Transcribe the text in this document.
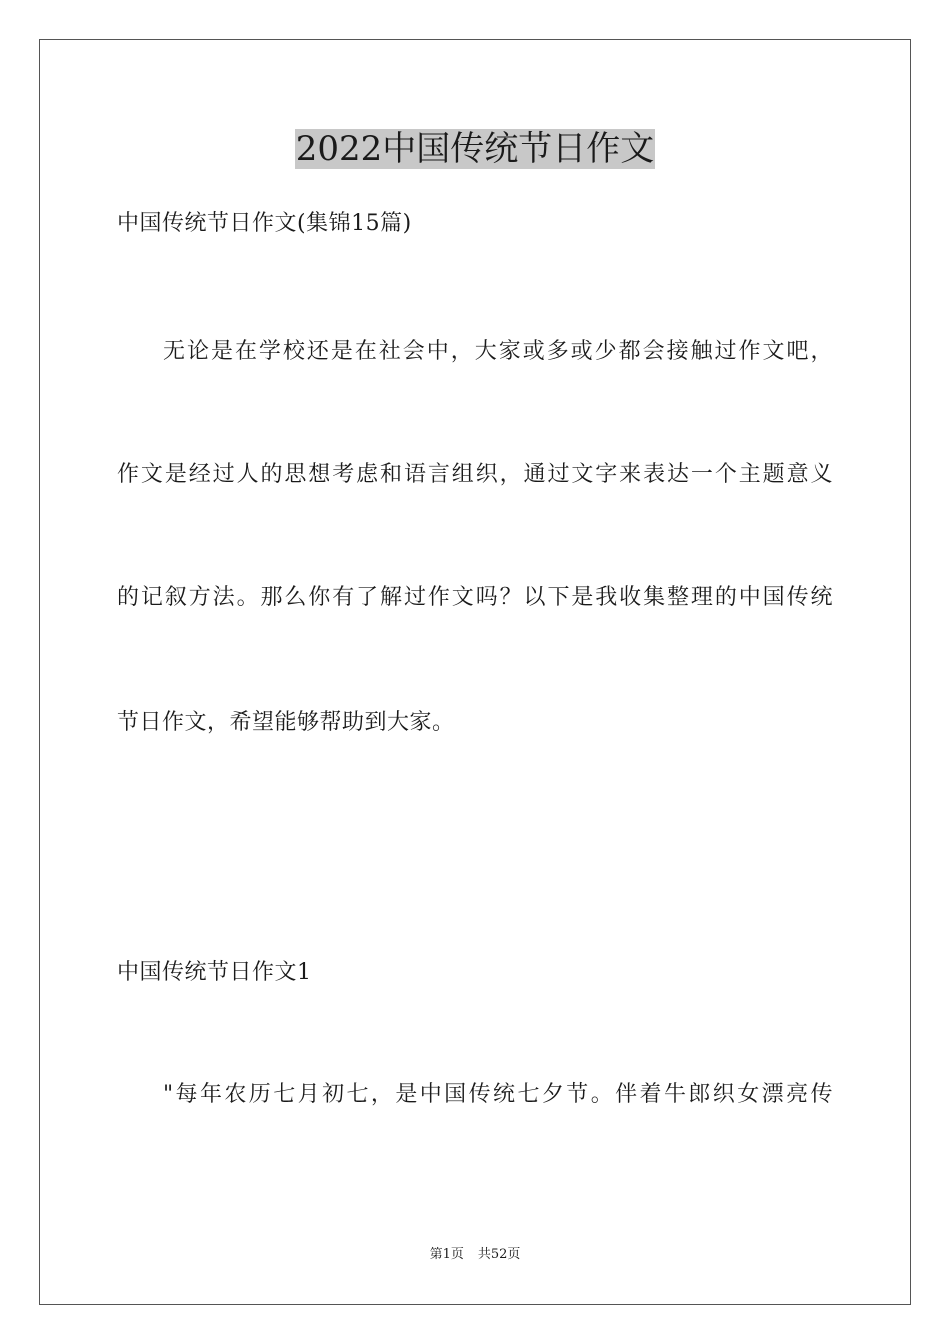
2022中国传统节日作文
中国传统节日作文(集锦15篇)
无论是在学校还是在社会中，大家或多或少都会接触过作文吧，
作文是经过人的思想考虑和语言组织，通过文字来表达一个主题意义
的记叙方法。那么你有了解过作文吗？以下是我收集整理的中国传统
节日作文，希望能够帮助到大家。
中国传统节日作文1
"每年农历七月初七，是中国传统七夕节。伴着牛郎织女漂亮传
第1页 共52页
